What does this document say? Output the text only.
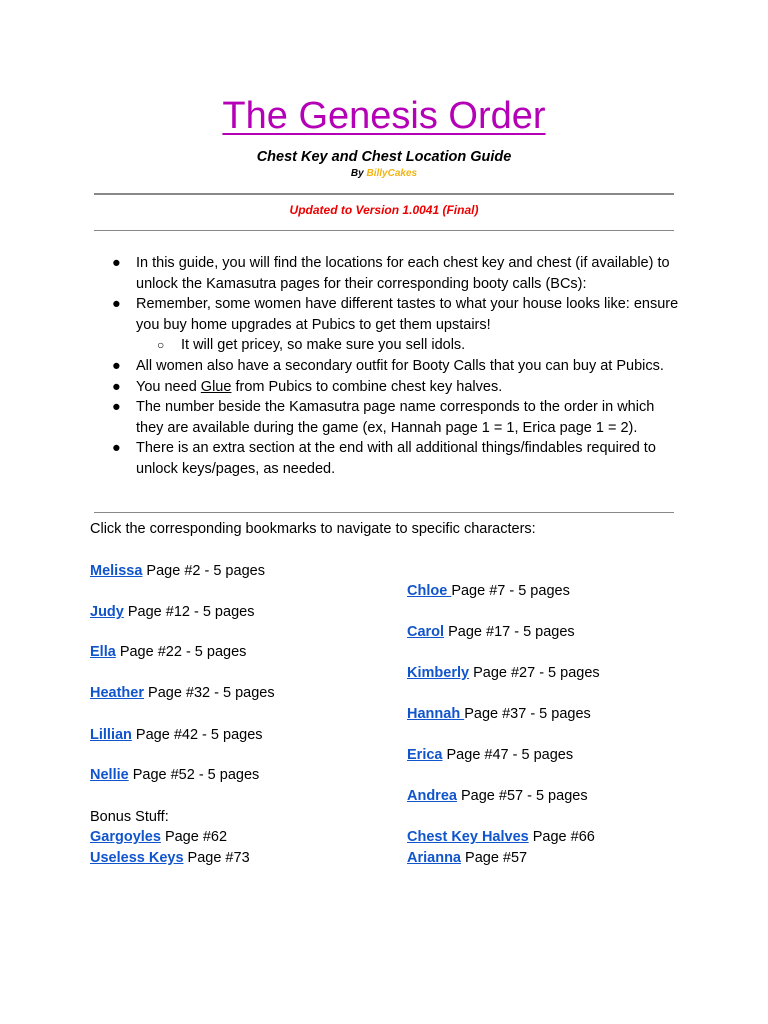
The Genesis Order
Chest Key and Chest Location Guide
By BillyCakes
Updated to Version 1.0041 (Final)
● In this guide, you will find the locations for each chest key and chest (if available) to unlock the Kamasutra pages for their corresponding booty calls (BCs):
● Remember, some women have different tastes to what your house looks like: ensure you buy home upgrades at Pubics to get them upstairs!
○ It will get pricey, so make sure you sell idols.
● All women also have a secondary outfit for Booty Calls that you can buy at Pubics.
● You need Glue from Pubics to combine chest key halves.
● The number beside the Kamasutra page name corresponds to the order in which they are available during the game (ex, Hannah page 1 = 1, Erica page 1 = 2).
● There is an extra section at the end with all additional things/findables required to unlock keys/pages, as needed.
Click the corresponding bookmarks to navigate to specific characters:
Melissa Page #2 - 5 pages
Judy Page #12 - 5 pages
Ella Page #22 - 5 pages
Heather Page #32 - 5 pages
Lillian Page #42 - 5 pages
Nellie Page #52 - 5 pages
Chloe Page #7 - 5 pages
Carol Page #17 - 5 pages
Kimberly Page #27 - 5 pages
Hannah Page #37 - 5 pages
Erica Page #47 - 5 pages
Andrea Page #57 - 5 pages
Bonus Stuff:
Gargoyles Page #62	Chest Key Halves Page #66
Useless Keys Page #73	Arianna Page #57
